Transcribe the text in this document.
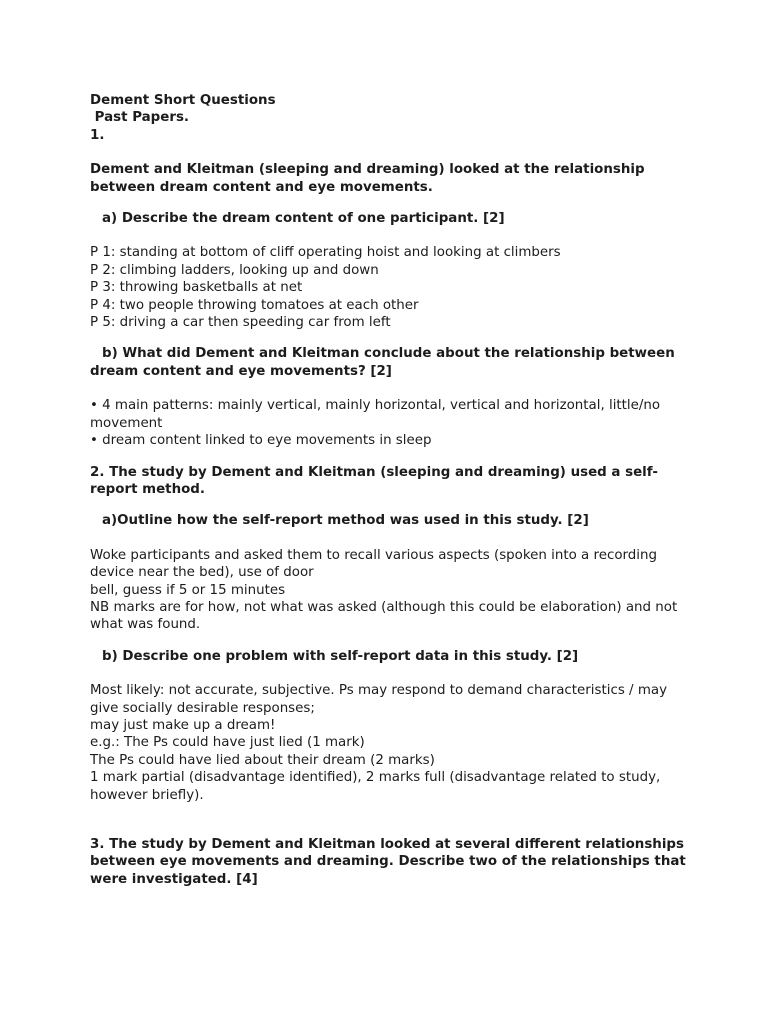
Dement Short Questions
Past Papers.
1.
Dement and Kleitman (sleeping and dreaming) looked at the relationship between dream content and eye movements.
a) Describe the dream content of one participant. [2]
P 1: standing at bottom of cliff operating hoist and looking at climbers
P 2: climbing ladders, looking up and down
P 3: throwing basketballs at net
P 4: two people throwing tomatoes at each other
P 5: driving a car then speeding car from left
b) What did Dement and Kleitman conclude about the relationship between dream content and eye movements? [2]
• 4 main patterns: mainly vertical, mainly horizontal, vertical and horizontal, little/no movement
• dream content linked to eye movements in sleep
2. The study by Dement and Kleitman (sleeping and dreaming) used a self-report method.
a)Outline how the self-report method was used in this study. [2]
Woke participants and asked them to recall various aspects (spoken into a recording device near the bed), use of door
bell, guess if 5 or 15 minutes
NB marks are for how, not what was asked (although this could be elaboration) and not what was found.
b) Describe one problem with self-report data in this study. [2]
Most likely: not accurate, subjective. Ps may respond to demand characteristics / may give socially desirable responses;
may just make up a dream!
e.g.: The Ps could have just lied (1 mark)
The Ps could have lied about their dream (2 marks)
1 mark partial (disadvantage identified), 2 marks full (disadvantage related to study, however briefly).
3. The study by Dement and Kleitman looked at several different relationships between eye movements and dreaming. Describe two of the relationships that were investigated. [4]
